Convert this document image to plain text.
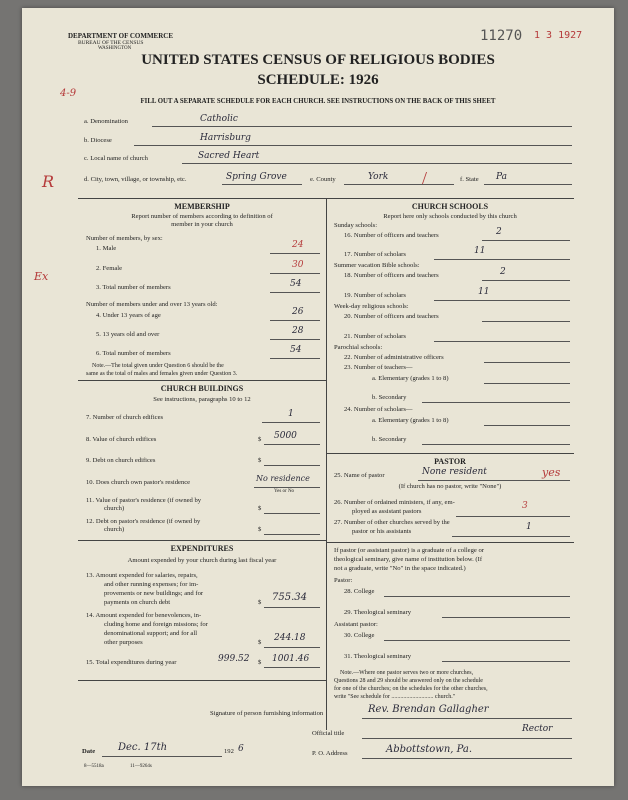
DEPARTMENT OF COMMERCE
BUREAU OF THE CENSUS
WASHINGTON
11270 1 3 1927
UNITED STATES CENSUS OF RELIGIOUS BODIES
SCHEDULE: 1926
4-9
FILL OUT A SEPARATE SCHEDULE FOR EACH CHURCH. SEE INSTRUCTIONS ON THE BACK OF THIS SHEET
a. Denomination	Catholic
b. Diocese	Harrisburg
c. Local name of church	Sacred Heart
R	d. City, town, village, or township, etc.	Spring Grove	e. County	York /	f. State Pa
MEMBERSHIP
Report number of members according to definition of
member in your church
Number of members, by sex:
1. Male	24
Ex
2. Female	30
3. Total number of members	54
Number of members under and over 13 years old:
4. Under 13 years of age	26
5. 13 years old and over	28
6. Total number of members	54
Note.—The total given under Question 6 should be the
same as the total of males and females given under Question 3.
CHURCH BUILDINGS
See instructions, paragraphs 10 to 12
7. Number of church edifices	1
8. Value of church edifices	$ 5000
9. Debt on church edifices	$
10. Does church own pastor's residence	No residence
Yes or No
11. Value of pastor's residence (if owned by
church)	$
12. Debt on pastor's residence (if owned by
church)	$
EXPENDITURES
Amount expended by your church during last fiscal year
13. Amount expended for salaries, repairs,
and other running expenses; for im-
provements or new buildings; and for
payments on church debt	$ 755.34
14. Amount expended for benevolences, in-
cluding home and foreign missions; for
denominational support; and for all
other purposes	$ 244.18
15. Total expenditures during year	999.52 $ 1001.46
CHURCH SCHOOLS
Report here only schools conducted by this church
Sunday schools:
16. Number of officers and teachers	2
17. Number of scholars	11
Summer vacation Bible schools:
18. Number of officers and teachers	2
19. Number of scholars	11
Week-day religious schools:
20. Number of officers and teachers
21. Number of scholars
Parochial schools:
22. Number of administrative officers
23. Number of teachers—
a. Elementary (grades 1 to 8)
b. Secondary
24. Number of scholars—
a. Elementary (grades 1 to 8)
b. Secondary
PASTOR
25. Name of pastor	None resident	yes
(If church has no pastor, write "None")
26. Number of ordained ministers, if any, em-
ployed as assistant pastors
3
27. Number of other churches served by the
pastor or his assistants	1
If pastor (or assistant pastor) is a graduate of a college or
theological seminary, give name of institution below. (If
not a graduate, write "No" in the space indicated.)
Pastor:
28. College
29. Theological seminary
Assistant pastor:
30. College
31. Theological seminary
Note.—Where one pastor serves two or more churches,
Questions 28 and 29 should be answered only on the schedule
for one of the churches; on the schedules for the other churches,
write "See schedule for ............................ church."
Signature of person furnishing information	Rev. Brendan Gallagher
Official title	Rector
Date Dec. 17th	192 6	P. O. Address	Abbottstown, Pa.
8—5518a	11—9264s
